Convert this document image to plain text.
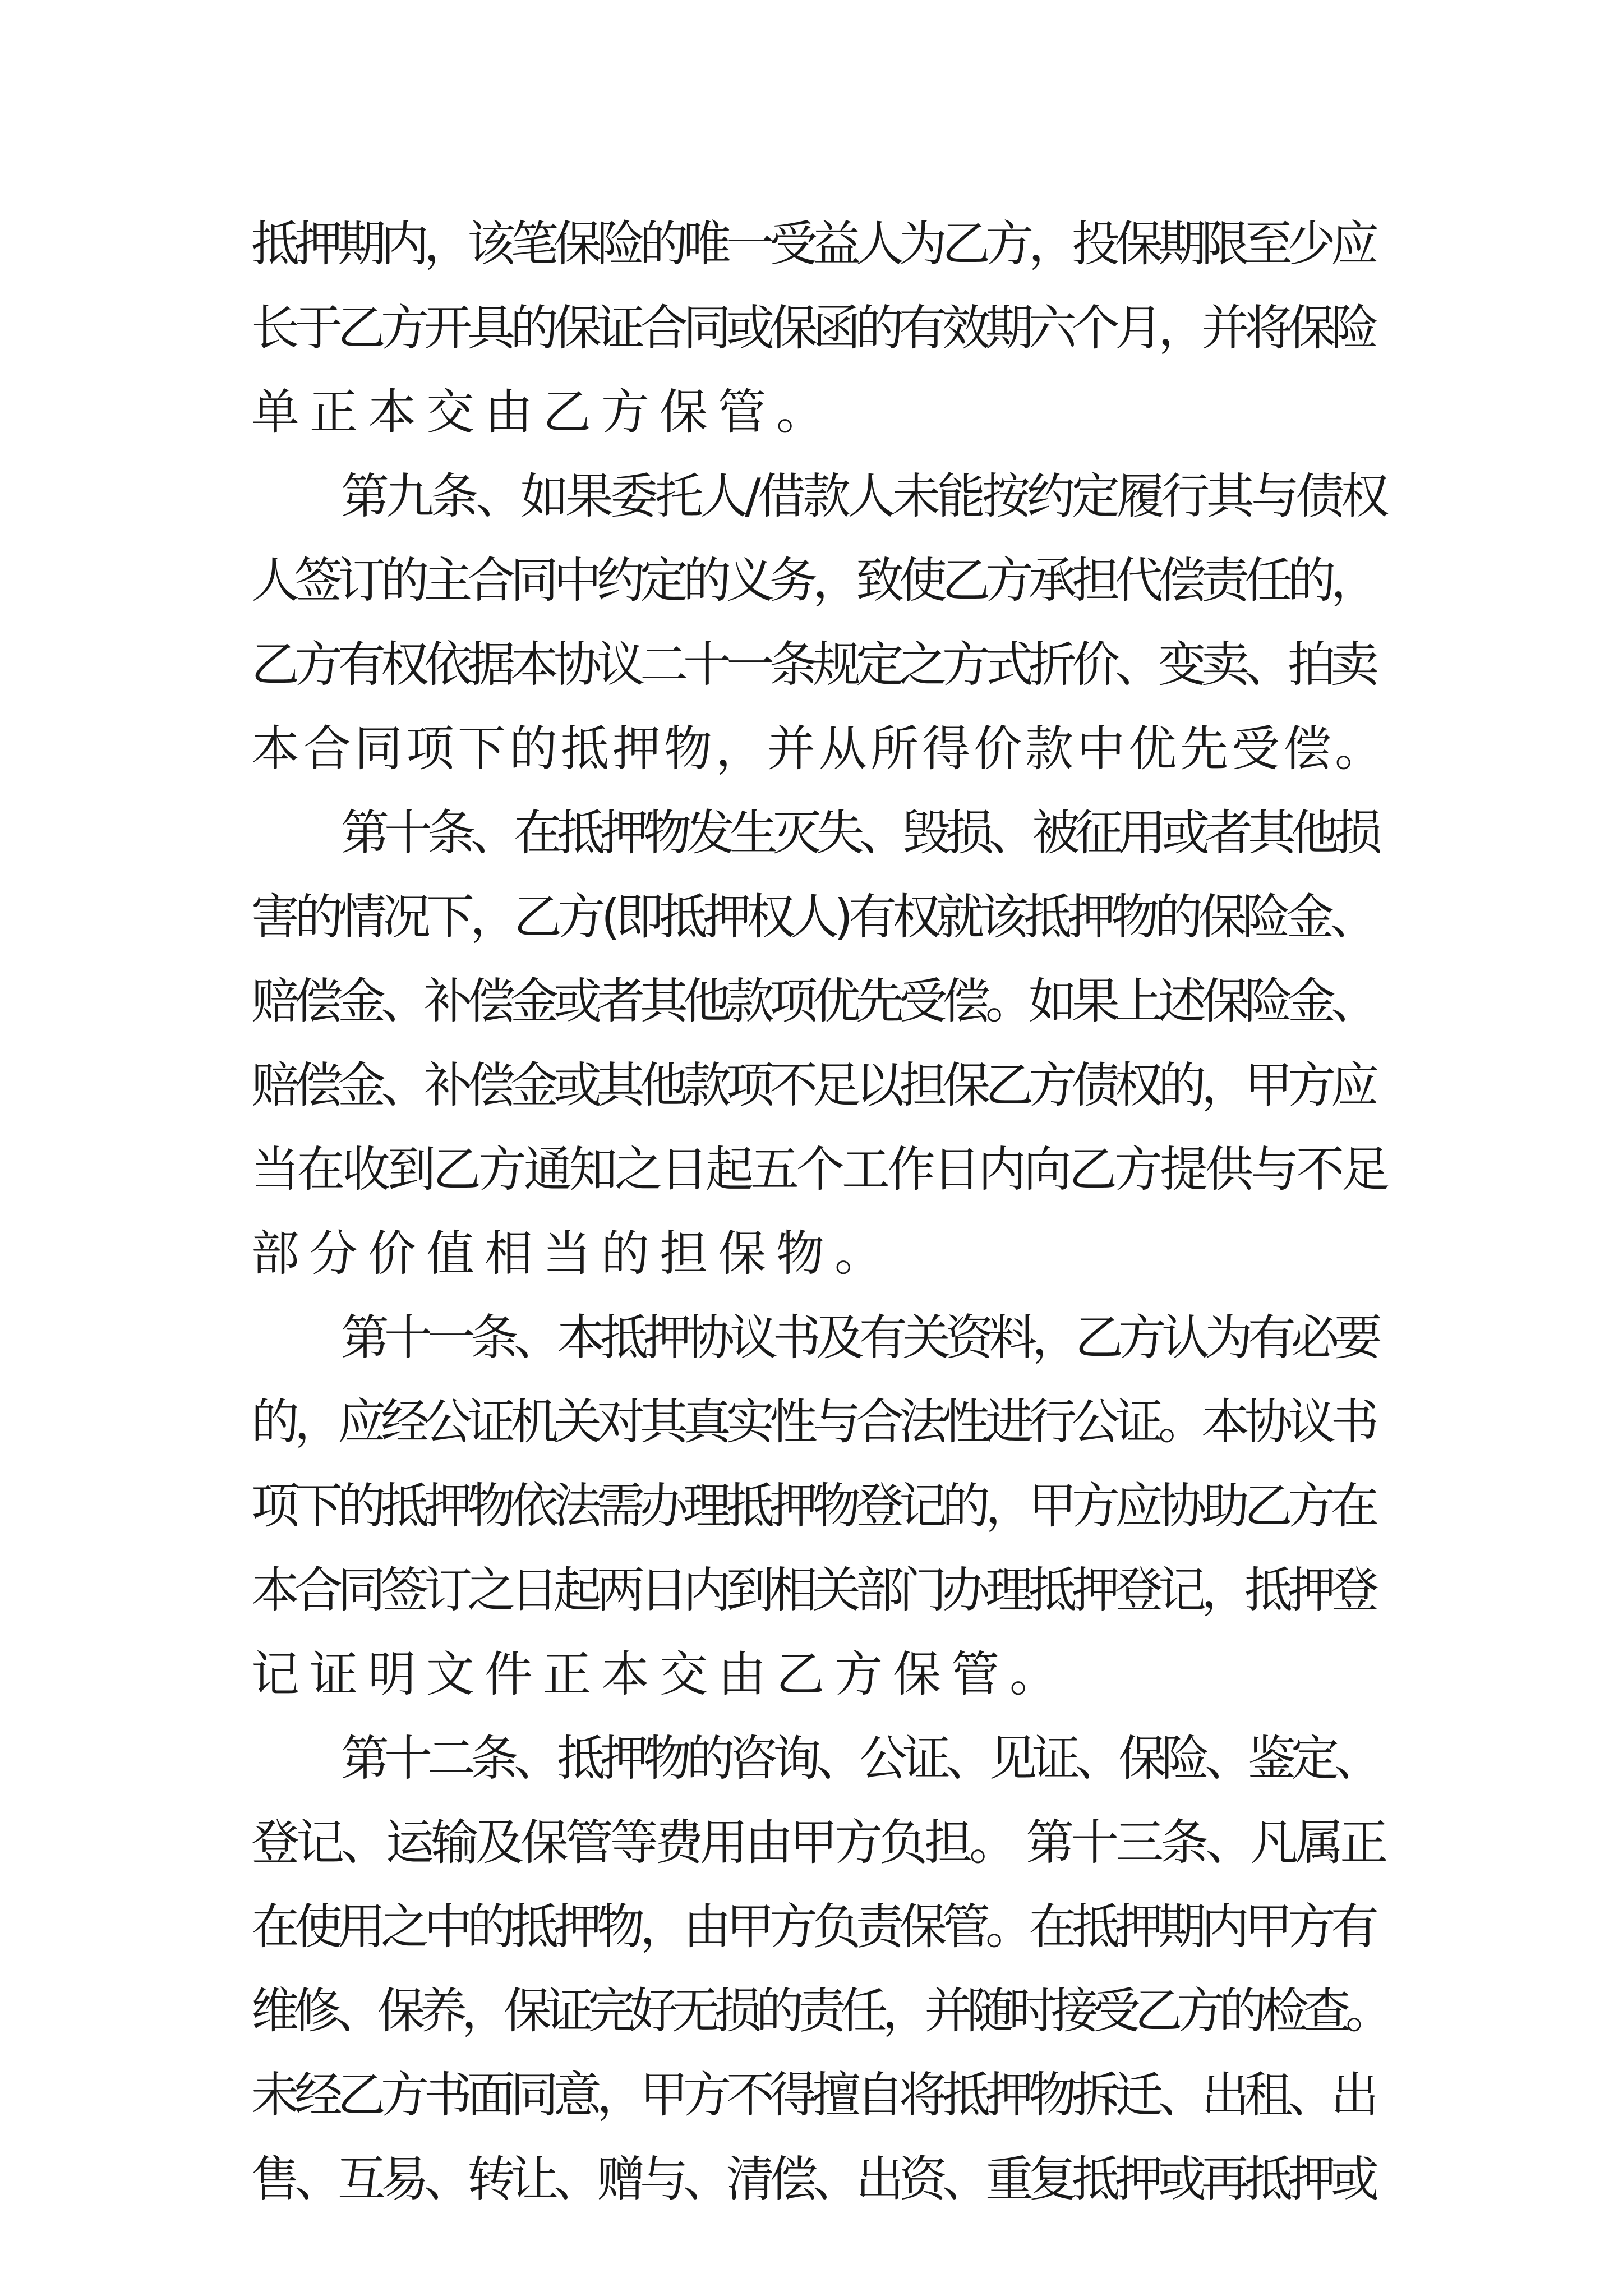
抵押期内，该笔保险的唯一受益人为乙方，投保期限至少应

长于乙方开具的保证合同或保函的有效期六个月，并将保险

单正本交由乙方保管。

第九条、如果委托人/借款人未能按约定履行其与债权

人签订的主合同中约定的义务，致使乙方承担代偿责任的，

乙方有权依据本协议二十一条规定之方式折价、变卖、拍卖

本合同项下的抵押物，并从所得价款中优先受偿。

第十条、在抵押物发生灭失、毁损、被征用或者其他损

害的情况下，乙方(即抵押权人)有权就该抵押物的保险金、

赔偿金、补偿金或者其他款项优先受偿。如果上述保险金、

赔偿金、补偿金或其他款项不足以担保乙方债权的，甲方应

当在收到乙方通知之日起五个工作日内向乙方提供与不足

部分价值相当的担保物。

第十一条、本抵押协议书及有关资料，乙方认为有必要

的，应经公证机关对其真实性与合法性进行公证。本协议书

项下的抵押物依法需办理抵押物登记的，甲方应协助乙方在

本合同签订之日起两日内到相关部门办理抵押登记，抵押登

记证明文件正本交由乙方保管。

第十二条、抵押物的咨询、公证、见证、保险、鉴定、

登记、运输及保管等费用由甲方负担。 第十三条、凡属正

在使用之中的抵押物，由甲方负责保管。在抵押期内甲方有

维修、保养，保证完好无损的责任，并随时接受乙方的检查。

未经乙方书面同意，甲方不得擅自将抵押物拆迁、出租、出

售、互易、转让、赠与、清偿、出资、重复抵押或再抵押或
